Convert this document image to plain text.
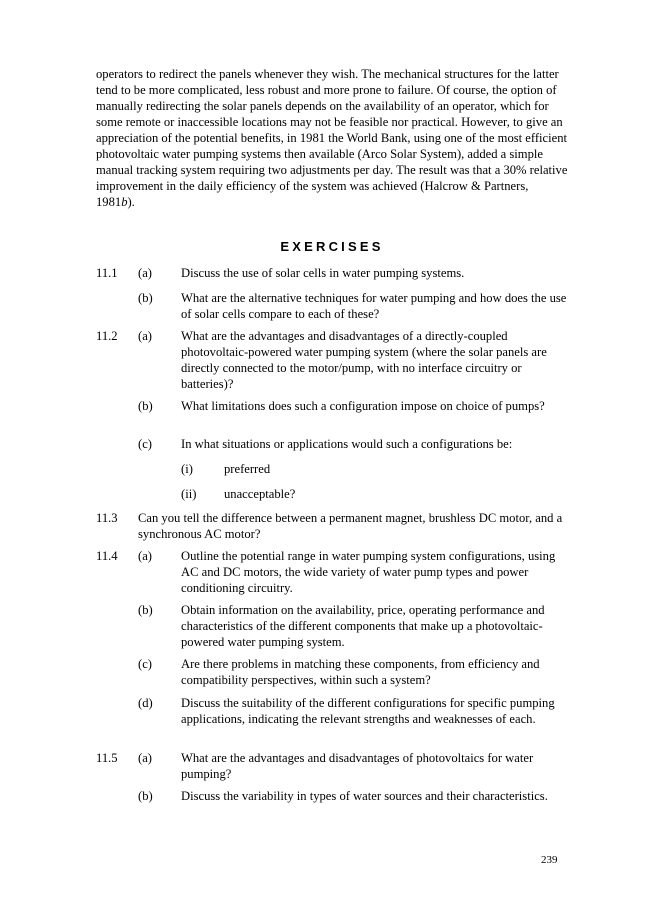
operators to redirect the panels whenever they wish. The mechanical structures for the latter tend to be more complicated, less robust and more prone to failure. Of course, the option of manually redirecting the solar panels depends on the availability of an operator, which for some remote or inaccessible locations may not be feasible nor practical. However, to give an appreciation of the potential benefits, in 1981 the World Bank, using one of the most efficient photovoltaic water pumping systems then available (Arco Solar System), added a simple manual tracking system requiring two adjustments per day. The result was that a 30% relative improvement in the daily efficiency of the system was achieved (Halcrow & Partners, 1981b).

EXERCISES
11.1 (a) Discuss the use of solar cells in water pumping systems.

(b) What are the alternative techniques for water pumping and how does the use of solar cells compare to each of these?

11.2 (a) What are the advantages and disadvantages of a directly-coupled photovoltaic-powered water pumping system (where the solar panels are directly connected to the motor/pump, with no interface circuitry or batteries)?

(b) What limitations does such a configuration impose on choice of pumps?

(c) In what situations or applications would such a configurations be:

(i) preferred
(ii) unacceptable?
11.3 Can you tell the difference between a permanent magnet, brushless DC motor, and a synchronous AC motor?

11.4 (a) Outline the potential range in water pumping system configurations, using AC and DC motors, the wide variety of water pump types and power conditioning circuitry.

(b) Obtain information on the availability, price, operating performance and characteristics of the different components that make up a photovoltaic-powered water pumping system.

(c) Are there problems in matching these components, from efficiency and compatibility perspectives, within such a system?

(d) Discuss the suitability of the different configurations for specific pumping applications, indicating the relevant strengths and weaknesses of each.

11.5 (a) What are the advantages and disadvantages of photovoltaics for water pumping?

(b) Discuss the variability in types of water sources and their characteristics.

239
